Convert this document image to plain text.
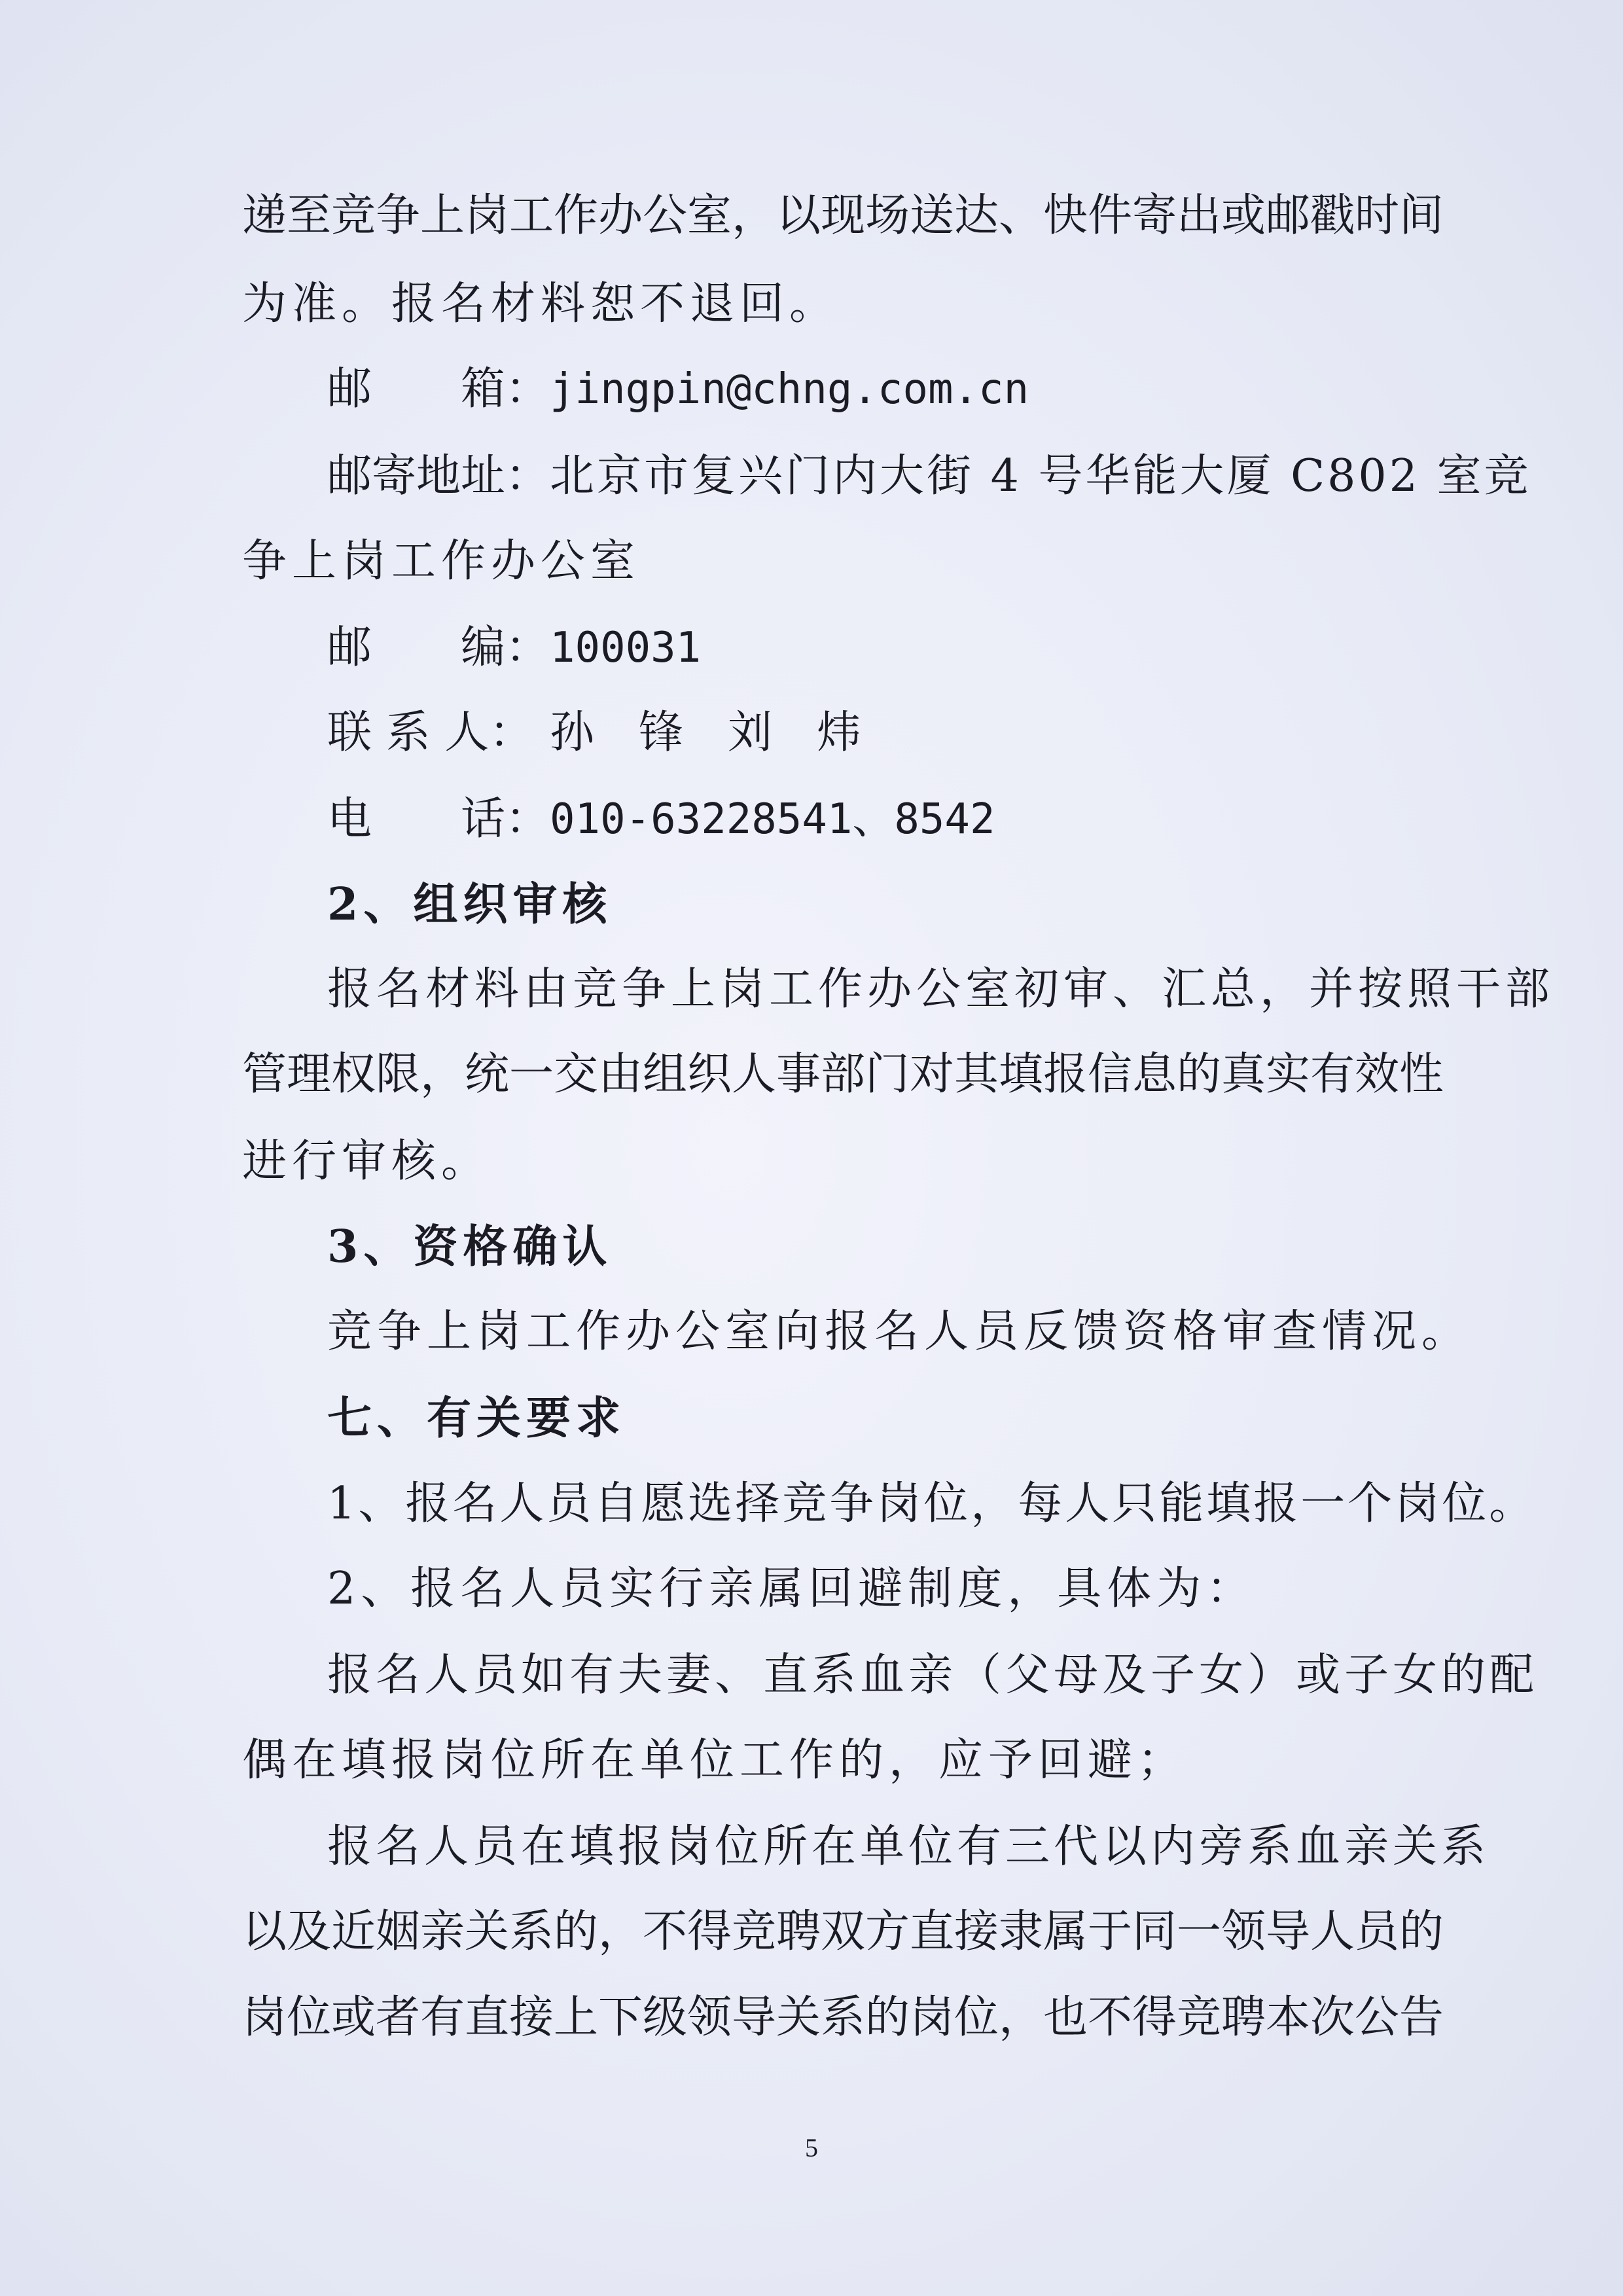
递至竞争上岗工作办公室，以现场送达、快件寄出或邮戳时间
为准。报名材料恕不退回。
邮　　箱： jingpin@chng.com.cn
邮寄地址： 北京市复兴门内大街 4 号华能大厦 C802 室竞
争上岗工作办公室
邮　　编： 100031
联 系 人： 孙　锋　刘　炜
电　　话： 010-63228541、8542
2、组织审核
报名材料由竞争上岗工作办公室初审、汇总，并按照干部
管理权限，统一交由组织人事部门对其填报信息的真实有效性
进行审核。
3、资格确认
竞争上岗工作办公室向报名人员反馈资格审查情况。
七、有关要求
1、报名人员自愿选择竞争岗位，每人只能填报一个岗位。
2、报名人员实行亲属回避制度，具体为：
报名人员如有夫妻、直系血亲（父母及子女）或子女的配
偶在填报岗位所在单位工作的，应予回避；
报名人员在填报岗位所在单位有三代以内旁系血亲关系
以及近姻亲关系的，不得竞聘双方直接隶属于同一领导人员的
岗位或者有直接上下级领导关系的岗位，也不得竞聘本次公告
5
